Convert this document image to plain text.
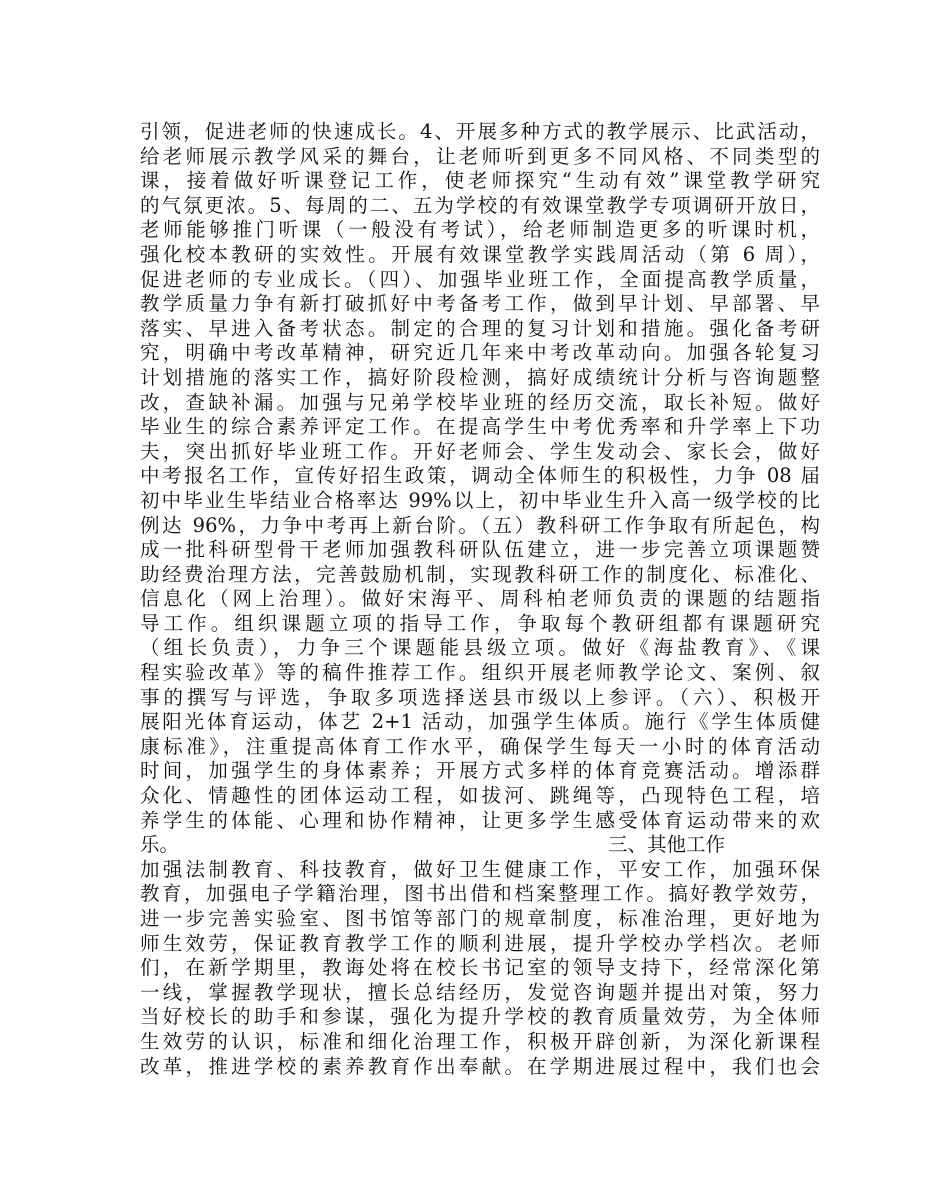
引领，促进老师的快速成长。4、开展多种方式的教学展示、比武活动，
给老师展示教学风采的舞台，让老师听到更多不同风格、不同类型的
课，接着做好听课登记工作，使老师探究“生动有效”课堂教学研究
的气氛更浓。5、每周的二、五为学校的有效课堂教学专项调研开放日，
老师能够推门听课（一般没有考试），给老师制造更多的听课时机，
强化校本教研的实效性。开展有效课堂教学实践周活动（第 6 周），
促进老师的专业成长。（四）、加强毕业班工作，全面提高教学质量，
教学质量力争有新打破抓好中考备考工作，做到早计划、早部署、早
落实、早进入备考状态。制定的合理的复习计划和措施。强化备考研
究，明确中考改革精神，研究近几年来中考改革动向。加强各轮复习
计划措施的落实工作，搞好阶段检测，搞好成绩统计分析与咨询题整
改，查缺补漏。加强与兄弟学校毕业班的经历交流，取长补短。做好
毕业生的综合素养评定工作。在提高学生中考优秀率和升学率上下功
夫，突出抓好毕业班工作。开好老师会、学生发动会、家长会，做好
中考报名工作，宣传好招生政策，调动全体师生的积极性，力争 08 届
初中毕业生毕结业合格率达 99%以上，初中毕业生升入高一级学校的比
例达 96%，力争中考再上新台阶。（五）教科研工作争取有所起色，构
成一批科研型骨干老师加强教科研队伍建立，进一步完善立项课题赞
助经费治理方法，完善鼓励机制，实现教科研工作的制度化、标准化、
信息化（网上治理）。做好宋海平、周科柏老师负责的课题的结题指
导工作。组织课题立项的指导工作，争取每个教研组都有课题研究
（组长负责），力争三个课题能县级立项。做好《海盐教育》、《课
程实验改革》等的稿件推荐工作。组织开展老师教学论文、案例、叙
事的撰写与评选，争取多项选择送县市级以上参评。（六）、积极开
展阳光体育运动，体艺 2+1 活动，加强学生体质。施行《学生体质健
康标准》，注重提高体育工作水平，确保学生每天一小时的体育活动
时间，加强学生的身体素养；开展方式多样的体育竞赛活动。增添群
众化、情趣性的团体运动工程，如拔河、跳绳等，凸现特色工程，培
养学生的体能、心理和协作精神，让更多学生感受体育运动带来的欢
乐。	三、其他工作
加强法制教育、科技教育，做好卫生健康工作，平安工作，加强环保
教育，加强电子学籍治理，图书出借和档案整理工作。搞好教学效劳，
进一步完善实验室、图书馆等部门的规章制度，标准治理，更好地为
师生效劳，保证教育教学工作的顺利进展，提升学校办学档次。老师
们，在新学期里，教诲处将在校长书记室的领导支持下，经常深化第
一线，掌握教学现状，擅长总结经历，发觉咨询题并提出对策，努力
当好校长的助手和参谋，强化为提升学校的教育质量效劳，为全体师
生效劳的认识，标准和细化治理工作，积极开辟创新，为深化新课程
改革，推进学校的素养教育作出奉献。在学期进展过程中，我们也会
